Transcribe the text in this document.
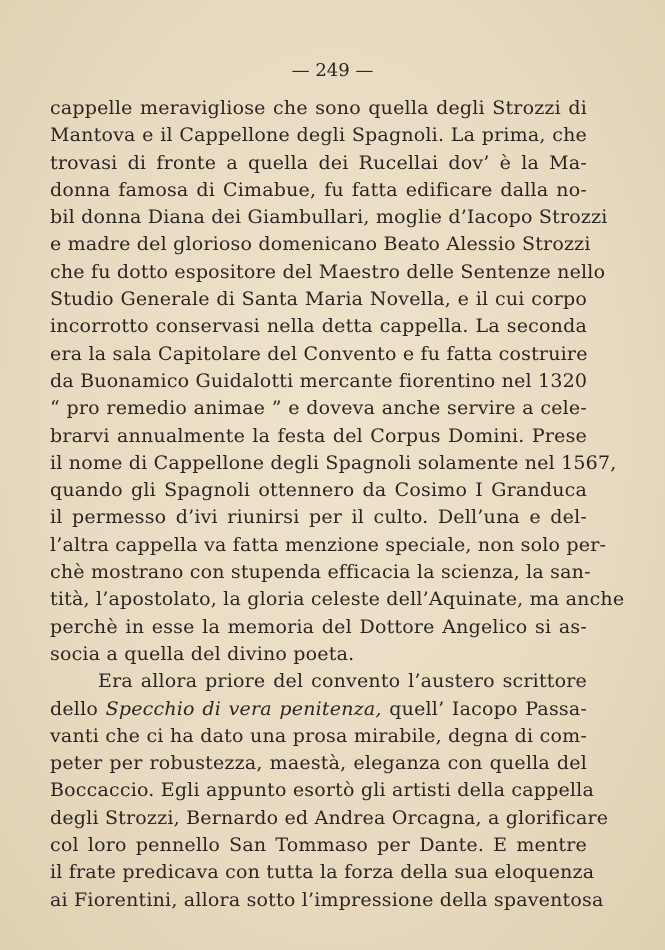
— 249 —
cappelle meravigliose che sono quella degli Strozzi di
Mantova e il Cappellone degli Spagnoli. La prima, che
trovasi di fronte a quella dei Rucellai dov’ è la Ma-
donna famosa di Cimabue, fu fatta edificare dalla no-
bil donna Diana dei Giambullari, moglie d’Iacopo Strozzi
e madre del glorioso domenicano Beato Alessio Strozzi
che fu dotto espositore del Maestro delle Sentenze nello
Studio Generale di Santa Maria Novella, e il cui corpo
incorrotto conservasi nella detta cappella. La seconda
era la sala Capitolare del Convento e fu fatta costruire
da Buonamico Guidalotti mercante fiorentino nel 1320
“ pro remedio animae ” e doveva anche servire a cele-
brarvi annualmente la festa del Corpus Domini. Prese
il nome di Cappellone degli Spagnoli solamente nel 1567,
quando gli Spagnoli ottennero da Cosimo I Granduca
il permesso d’ivi riunirsi per il culto. Dell’una e del-
l’altra cappella va fatta menzione speciale, non solo per-
chè mostrano con stupenda efficacia la scienza, la san-
tità, l’apostolato, la gloria celeste dell’Aquinate, ma anche
perchè in esse la memoria del Dottore Angelico si as-
socia a quella del divino poeta.
Era allora priore del convento l’austero scrittore
dello Specchio di vera penitenza, quell’ Iacopo Passa-
vanti che ci ha dato una prosa mirabile, degna di com-
peter per robustezza, maestà, eleganza con quella del
Boccaccio. Egli appunto esortò gli artisti della cappella
degli Strozzi, Bernardo ed Andrea Orcagna, a glorificare
col loro pennello San Tommaso per Dante. E mentre
il frate predicava con tutta la forza della sua eloquenza
ai Fiorentini, allora sotto l’impressione della spaventosa
